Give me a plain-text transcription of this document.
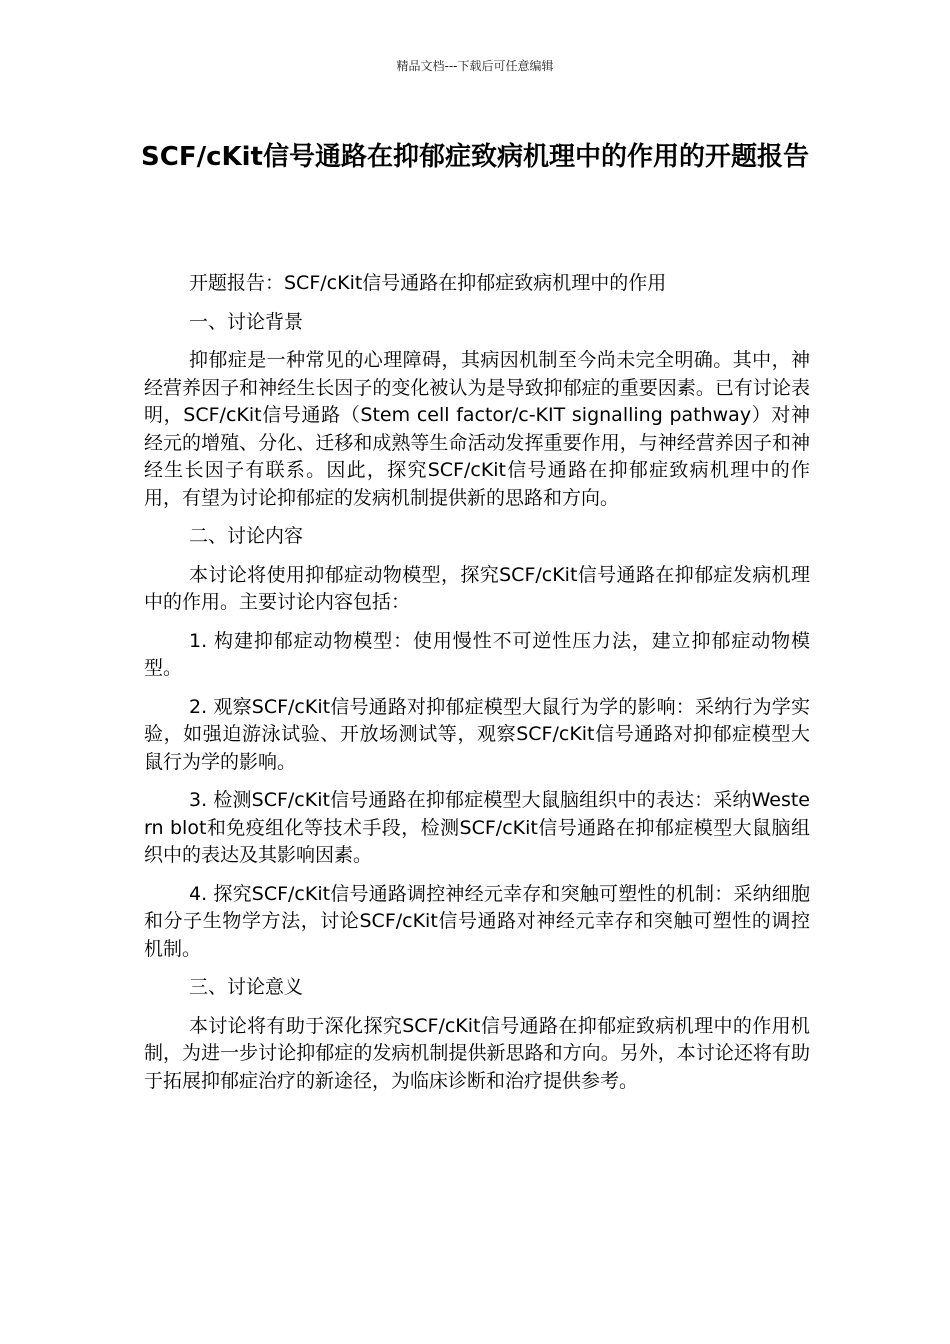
精品文档---下载后可任意编辑
SCF/cKit信号通路在抑郁症致病机理中的作用的开题报告

开题报告：SCF/cKit信号通路在抑郁症致病机理中的作用

一、讨论背景

抑郁症是一种常见的心理障碍，其病因机制至今尚未完全明确。其中，神经营养因子和神经生长因子的变化被认为是导致抑郁症的重要因素。已有讨论表明，SCF/cKit信号通路（Stem cell factor/c-KIT signalling pathway）对神经元的增殖、分化、迁移和成熟等生命活动发挥重要作用，与神经营养因子和神经生长因子有联系。因此，探究SCF/cKit信号通路在抑郁症致病机理中的作用，有望为讨论抑郁症的发病机制提供新的思路和方向。

二、讨论内容

本讨论将使用抑郁症动物模型，探究SCF/cKit信号通路在抑郁症发病机理中的作用。主要讨论内容包括：

1. 构建抑郁症动物模型：使用慢性不可逆性压力法，建立抑郁症动物模型。

2. 观察SCF/cKit信号通路对抑郁症模型大鼠行为学的影响：采纳行为学实验，如强迫游泳试验、开放场测试等，观察SCF/cKit信号通路对抑郁症模型大鼠行为学的影响。

3. 检测SCF/cKit信号通路在抑郁症模型大鼠脑组织中的表达：采纳Western blot和免疫组化等技术手段，检测SCF/cKit信号通路在抑郁症模型大鼠脑组织中的表达及其影响因素。

4. 探究SCF/cKit信号通路调控神经元幸存和突触可塑性的机制：采纳细胞和分子生物学方法，讨论SCF/cKit信号通路对神经元幸存和突触可塑性的调控机制。

三、讨论意义

本讨论将有助于深化探究SCF/cKit信号通路在抑郁症致病机理中的作用机制，为进一步讨论抑郁症的发病机制提供新思路和方向。另外，本讨论还将有助于拓展抑郁症治疗的新途径，为临床诊断和治疗提供参考。
